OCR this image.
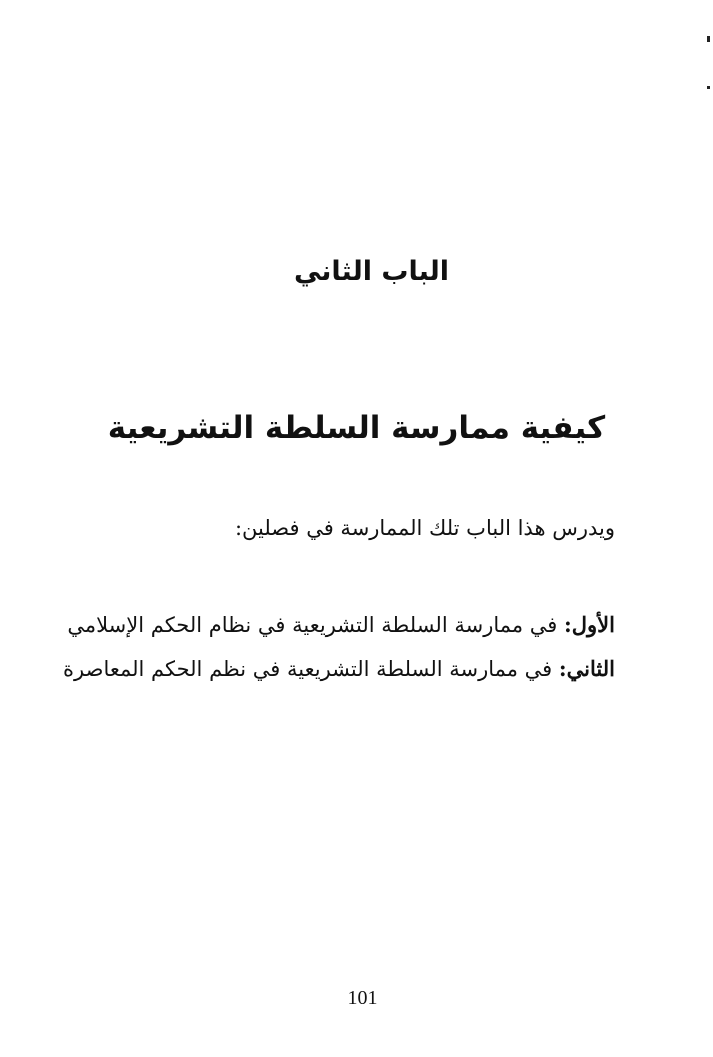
الباب الثاني
كيفية ممارسة السلطة التشريعية
ويدرس هذا الباب تلك الممارسة في فصلين:
الأول: في ممارسة السلطة التشريعية في نظام الحكم الإسلامي
الثاني: في ممارسة السلطة التشريعية في نظم الحكم المعاصرة
101
